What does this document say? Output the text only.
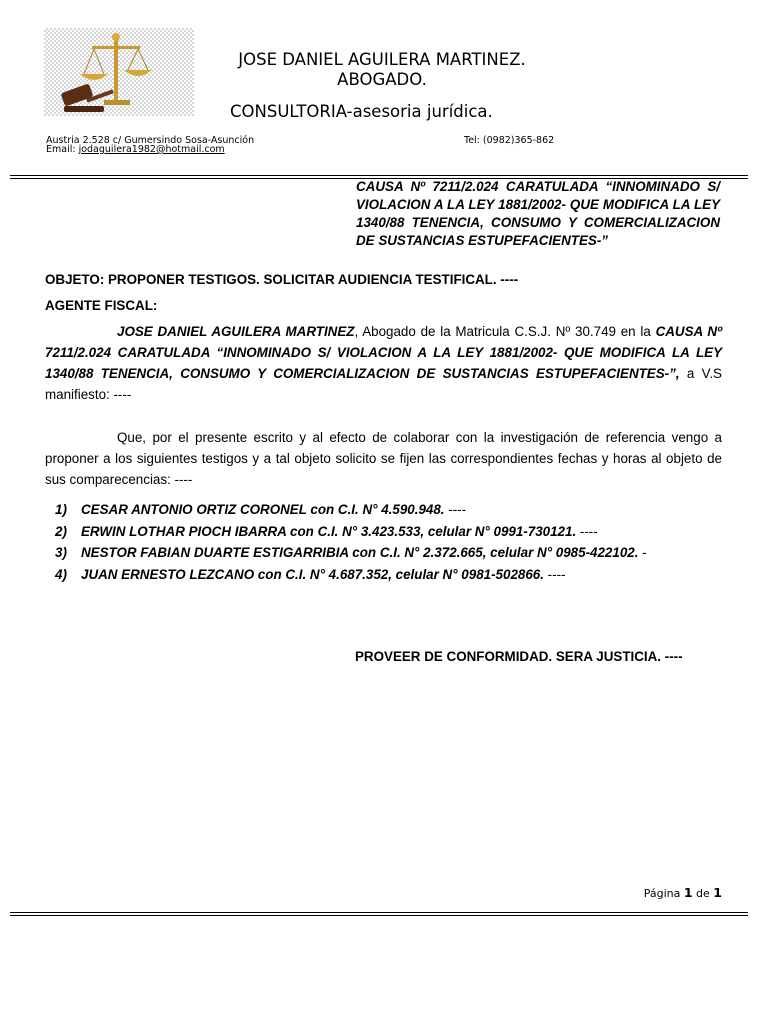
JOSE DANIEL AGUILERA MARTINEZ.
ABOGADO.
CONSULTORIA-asesoria jurídica.
Austria 2.528 c/ Gumersindo Sosa-Asunción	Tel: (0982)365-862
Email: jodaguilera1982@hotmail.com
CAUSA Nº 7211/2.024 CARATULADA “INNOMINADO S/ VIOLACION A LA LEY 1881/2002- QUE MODIFICA LA LEY 1340/88 TENENCIA, CONSUMO Y COMERCIALIZACION DE SUSTANCIAS ESTUPEFACIENTES-”
OBJETO: PROPONER TESTIGOS. SOLICITAR AUDIENCIA TESTIFICAL. ----
AGENTE FISCAL:
JOSE DANIEL AGUILERA MARTINEZ, Abogado de la Matricula C.S.J. Nº 30.749 en la CAUSA Nº 7211/2.024 CARATULADA “INNOMINADO S/ VIOLACION A LA LEY 1881/2002- QUE MODIFICA LA LEY 1340/88 TENENCIA, CONSUMO Y COMERCIALIZACION DE SUSTANCIAS ESTUPEFACIENTES-”, a V.S manifiesto: ----
Que, por el presente escrito y al efecto de colaborar con la investigación de referencia vengo a proponer a los siguientes testigos y a tal objeto solicito se fijen las correspondientes fechas y horas al objeto de sus comparecencias: ----
1) CESAR ANTONIO ORTIZ CORONEL con C.I. N° 4.590.948. ----
2) ERWIN LOTHAR PIOCH IBARRA con C.I. N° 3.423.533, celular N° 0991-730121. ----
3) NESTOR FABIAN DUARTE ESTIGARRIBIA con C.I. N° 2.372.665, celular N° 0985-422102. -
4) JUAN ERNESTO LEZCANO con C.I. N° 4.687.352, celular N° 0981-502866. ----
PROVEER DE CONFORMIDAD. SERA JUSTICIA. ----
Página 1 de 1
